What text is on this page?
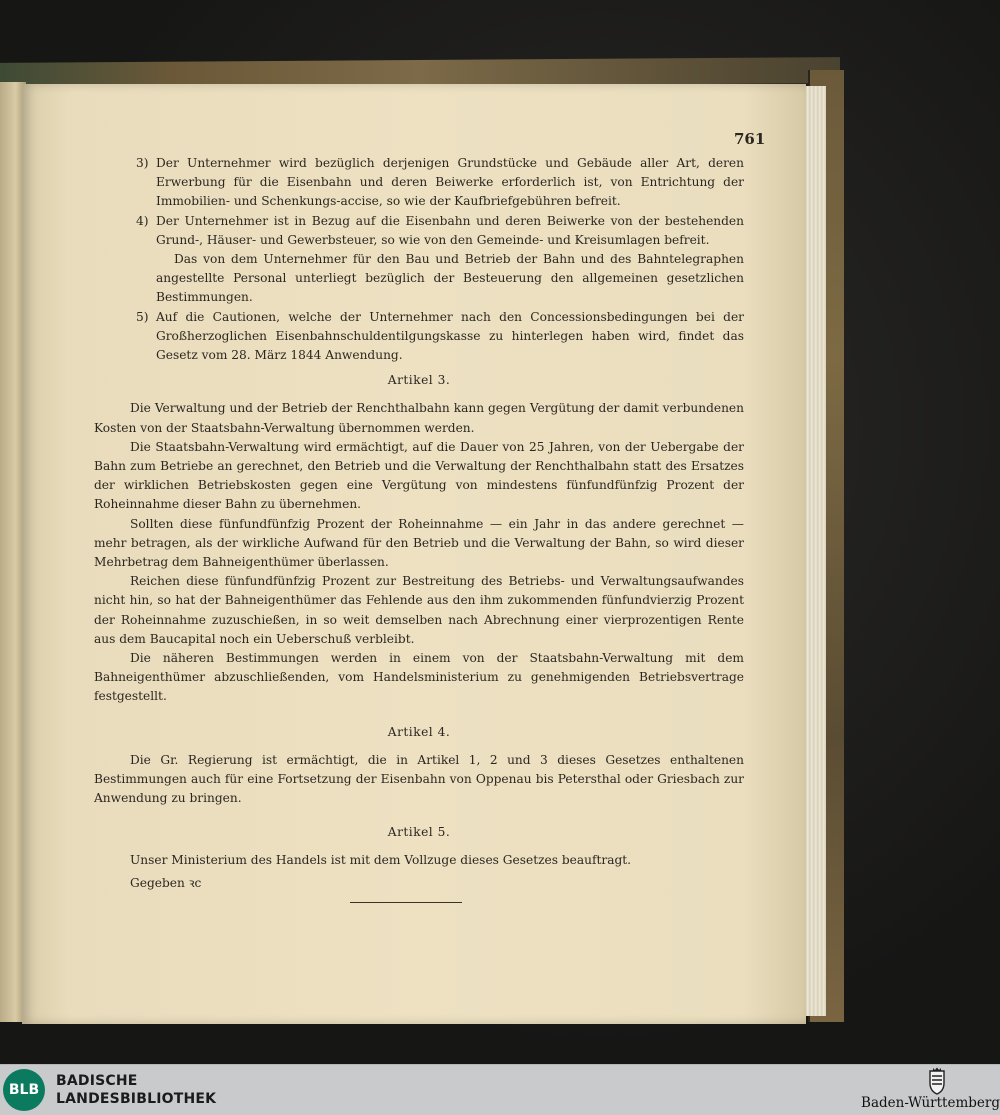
761

3) Der Unternehmer wird bezüglich derjenigen Grundstücke und Gebäude aller Art, deren Erwerbung für die Eisenbahn und deren Beiwerke erforderlich ist, von Entrichtung der Immobilien- und Schenkungs-accise, so wie der Kaufbriefgebühren befreit.

4) Der Unternehmer ist in Bezug auf die Eisenbahn und deren Beiwerke von der bestehenden Grund-, Häuser- und Gewerbsteuer, so wie von den Gemeinde- und Kreisumlagen befreit.

Das von dem Unternehmer für den Bau und Betrieb der Bahn und des Bahntelegraphen angestellte Personal unterliegt bezüglich der Besteuerung den allgemeinen gesetzlichen Bestimmungen.

5) Auf die Cautionen, welche der Unternehmer nach den Concessionsbedingungen bei der Großherzoglichen Eisenbahnschuldentilgungskasse zu hinterlegen haben wird, findet das Gesetz vom 28. März 1844 Anwendung.

Artikel 3.

Die Verwaltung und der Betrieb der Renchthalbahn kann gegen Vergütung der damit verbundenen Kosten von der Staatsbahn-Verwaltung übernommen werden.

Die Staatsbahn-Verwaltung wird ermächtigt, auf die Dauer von 25 Jahren, von der Uebergabe der Bahn zum Betriebe an gerechnet, den Betrieb und die Verwaltung der Renchthalbahn statt des Ersatzes der wirklichen Betriebskosten gegen eine Vergütung von mindestens fünfundfünfzig Prozent der Roheinnahme dieser Bahn zu übernehmen.

Sollten diese fünfundfünfzig Prozent der Roheinnahme — ein Jahr in das andere gerechnet — mehr betragen, als der wirkliche Aufwand für den Betrieb und die Verwaltung der Bahn, so wird dieser Mehrbetrag dem Bahneigenthümer überlassen.

Reichen diese fünfundfünfzig Prozent zur Bestreitung des Betriebs- und Verwaltungsaufwandes nicht hin, so hat der Bahneigenthümer das Fehlende aus den ihm zukommenden fünfundvierzig Prozent der Roheinnahme zuzuschießen, in so weit demselben nach Abrechnung einer vierprozentigen Rente aus dem Baucapital noch ein Ueberschuß verbleibt.

Die näheren Bestimmungen werden in einem von der Staatsbahn-Verwaltung mit dem Bahneigenthümer abzuschließenden, vom Handelsministerium zu genehmigenden Betriebsvertrage festgestellt.

Artikel 4.

Die Gr. Regierung ist ermächtigt, die in Artikel 1, 2 und 3 dieses Gesetzes enthaltenen Bestimmungen auch für eine Fortsetzung der Eisenbahn von Oppenau bis Petersthal oder Griesbach zur Anwendung zu bringen.

Artikel 5.

Unser Ministerium des Handels ist mit dem Vollzuge dieses Gesetzes beauftragt.

Gegeben ꝛc

BLB
BADISCHE
LANDESBIBLIOTHEK	Baden-Württemberg
